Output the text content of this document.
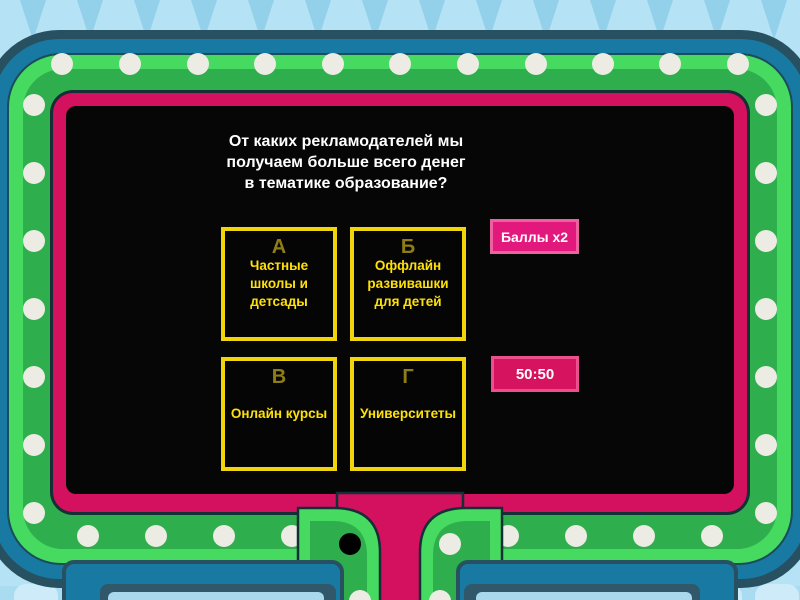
От каких рекламодателей мы
получаем больше всего денег
в тематике образование?
А
Частные
школы и
детсады
Б
Оффлайн
развивашки
для детей
В
Онлайн курсы
Г
Университеты
Баллы x2
50:50
